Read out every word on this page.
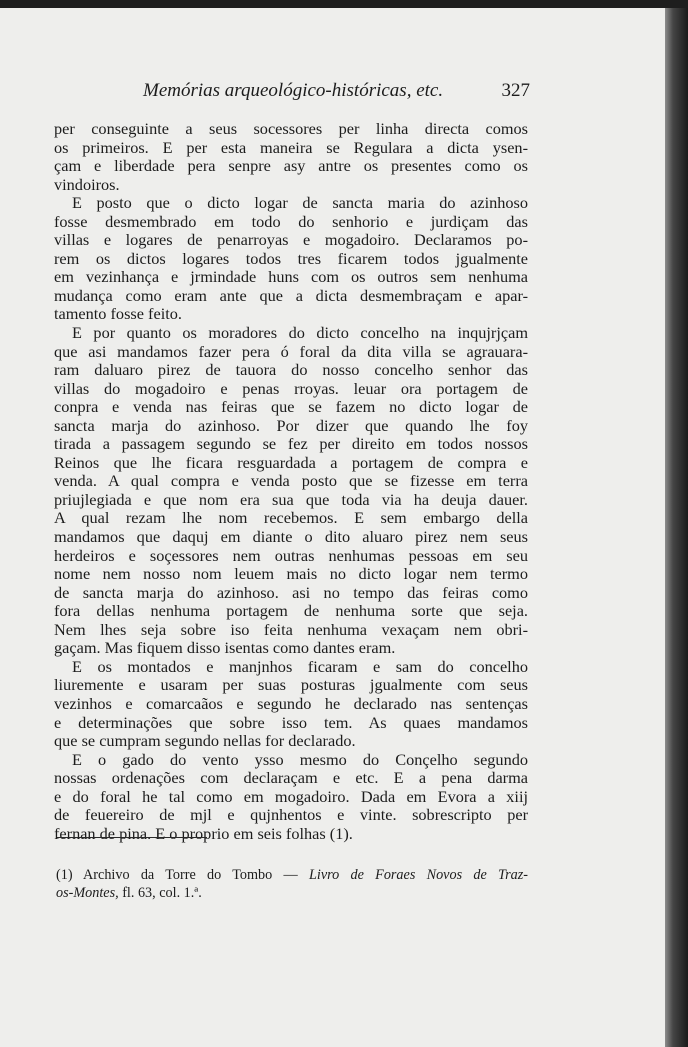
Memórias arqueológico-históricas, etc.	327
per conseguinte a seus socessores per linha directa comos
os primeiros. E per esta maneira se Regulara a dicta ysen-
çam e liberdade pera senpre asy antre os presentes como os
vindoiros.
E posto que o dicto logar de sancta maria do azinhoso
fosse desmembrado em todo do senhorio e jurdiçam das
villas e logares de penarroyas e mogadoiro. Declaramos po-
rem os dictos logares todos tres ficarem todos jgualmente
em vezinhança e jrmindade huns com os outros sem nenhuma
mudança como eram ante que a dicta desmembraçam e apar-
tamento fosse feito.
E por quanto os moradores do dicto concelho na inqujrjçam
que asi mandamos fazer pera ó foral da dita villa se agrauara-
ram daluaro pirez de tauora do nosso concelho senhor das
villas do mogadoiro e penas rroyas. leuar ora portagem de
conpra e venda nas feiras que se fazem no dicto logar de
sancta marja do azinhoso. Por dizer que quando lhe foy
tirada a passagem segundo se fez per direito em todos nossos
Reinos que lhe ficara resguardada a portagem de compra e
venda. A qual compra e venda posto que se fizesse em terra
priujlegiada e que nom era sua que toda via ha deuja dauer.
A qual rezam lhe nom recebemos. E sem embargo della
mandamos que daquj em diante o dito aluaro pirez nem seus
herdeiros e soçessores nem outras nenhumas pessoas em seu
nome nem nosso nom leuem mais no dicto logar nem termo
de sancta marja do azinhoso. asi no tempo das feiras como
fora dellas nenhuma portagem de nenhuma sorte que seja.
Nem lhes seja sobre iso feita nenhuma vexaçam nem obri-
gaçam. Mas fiquem disso isentas como dantes eram.
E os montados e manjnhos ficaram e sam do concelho
liuremente e usaram per suas posturas jgualmente com seus
vezinhos e comarcaãos e segundo he declarado nas sentenças
e determinações que sobre isso tem. As quaes mandamos
que se cumpram segundo nellas for declarado.
E o gado do vento ysso mesmo do Conçelho segundo
nossas ordenações com declaraçam e etc. E a pena darma
e do foral he tal como em mogadoiro. Dada em Evora a xiij
de feuereiro de mjl e qujnhentos e vinte. sobrescripto per
fernan de pina. E o proprio em seis folhas (1).
(1) Archivo da Torre do Tombo — Livro de Foraes Novos de Traz-
os-Montes, fl. 63, col. 1.ª.
